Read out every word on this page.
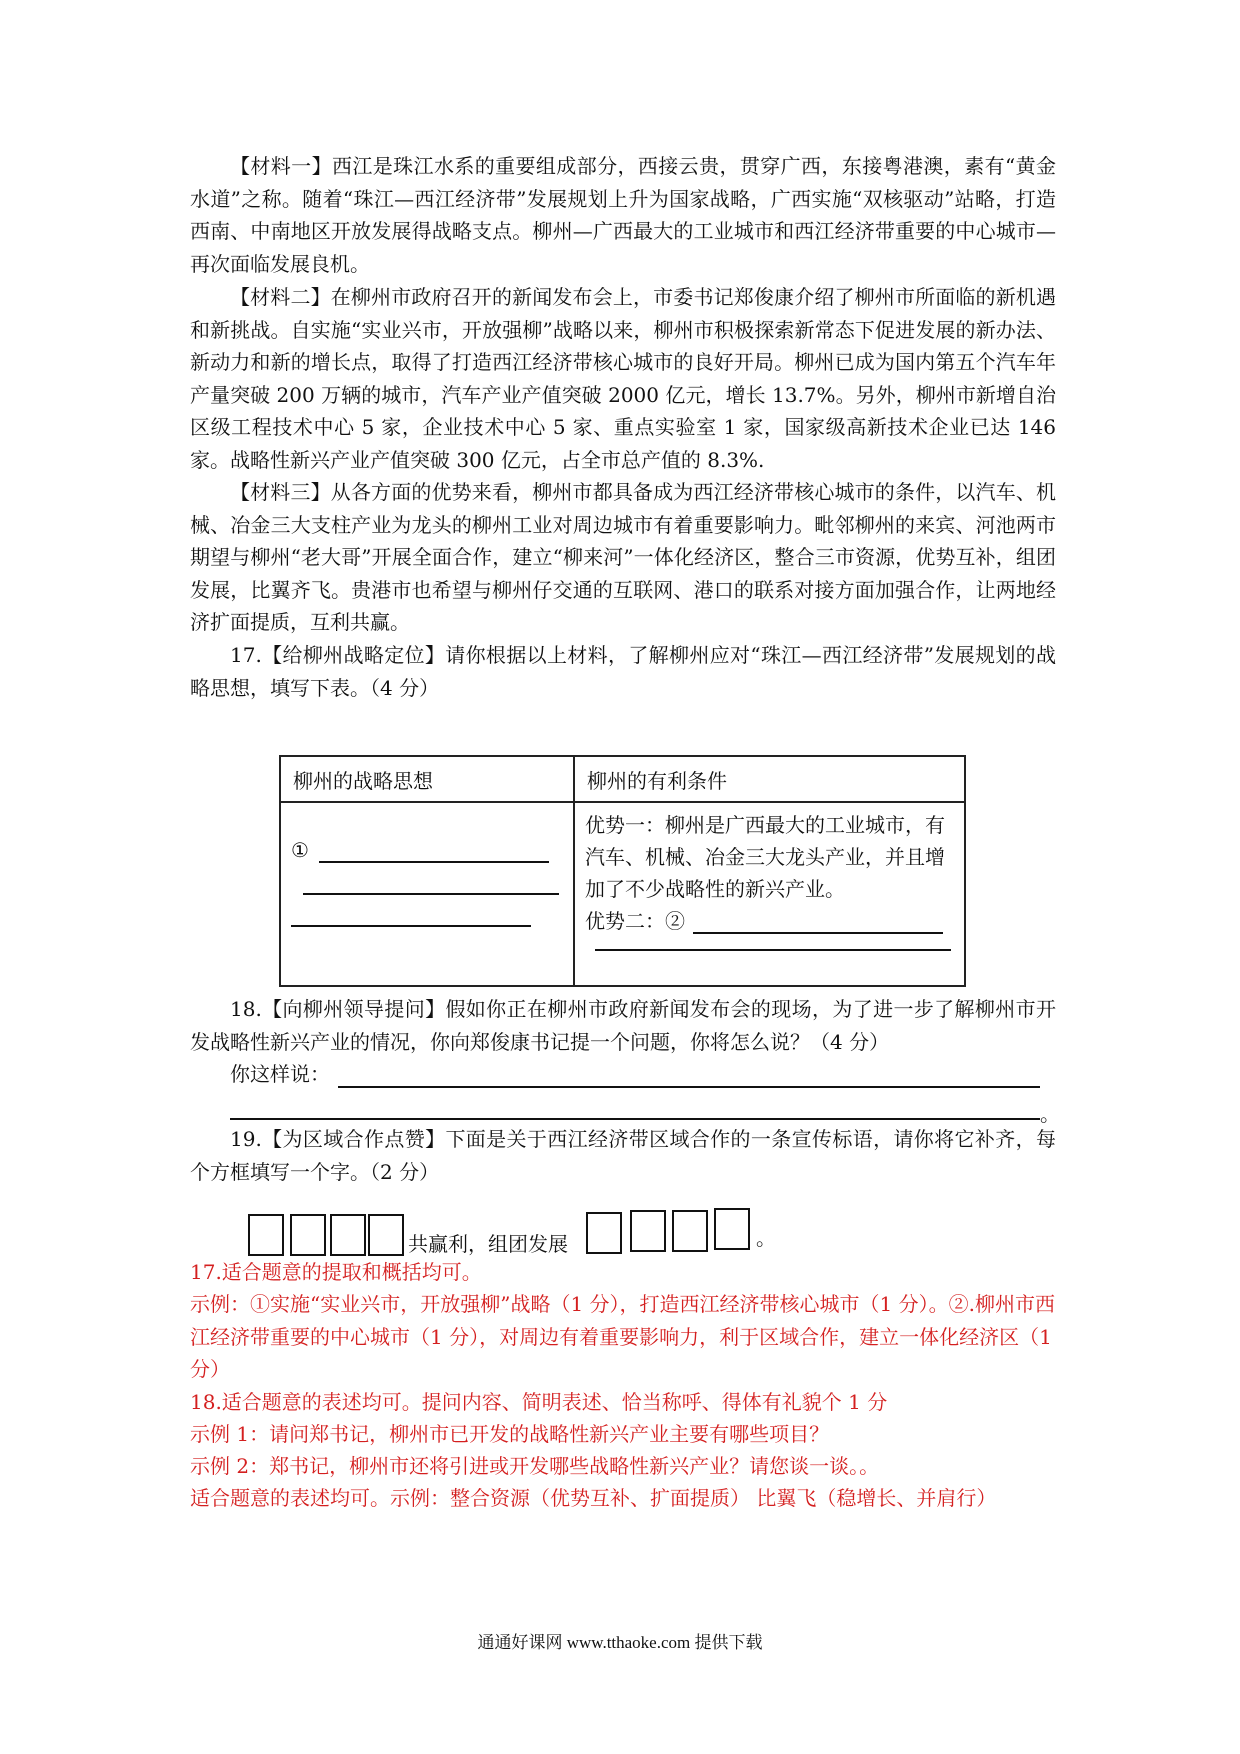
【材料一】西江是珠江水系的重要组成部分，西接云贵，贯穿广西，东接粤港澳，素有“黄金水道”之称。随着“珠江—西江经济带”发展规划上升为国家战略，广西实施“双核驱动”站略，打造西南、中南地区开放发展得战略支点。柳州—广西最大的工业城市和西江经济带重要的中心城市—再次面临发展良机。

【材料二】在柳州市政府召开的新闻发布会上，市委书记郑俊康介绍了柳州市所面临的新机遇和新挑战。自实施“实业兴市，开放强柳”战略以来，柳州市积极探索新常态下促进发展的新办法、新动力和新的增长点，取得了打造西江经济带核心城市的良好开局。柳州已成为国内第五个汽车年产量突破 200 万辆的城市，汽车产业产值突破 2000 亿元，增长 13.7%。另外，柳州市新增自治区级工程技术中心 5 家，企业技术中心 5 家、重点实验室 1 家，国家级高新技术企业已达 146 家。战略性新兴产业产值突破 300 亿元，占全市总产值的 8.3%.

【材料三】从各方面的优势来看，柳州市都具备成为西江经济带核心城市的条件，以汽车、机械、冶金三大支柱产业为龙头的柳州工业对周边城市有着重要影响力。毗邻柳州的来宾、河池两市期望与柳州“老大哥”开展全面合作，建立“柳来河”一体化经济区，整合三市资源，优势互补，组团发展，比翼齐飞。贵港市也希望与柳州仔交通的互联网、港口的联系对接方面加强合作，让两地经济扩面提质，互利共赢。

17.【给柳州战略定位】请你根据以上材料，了解柳州应对“珠江—西江经济带”发展规划的战略思想，填写下表。（4 分）

柳州的战略思想	柳州的有利条件

①	优势一：柳州是广西最大的工业城市，有汽车、机械、冶金三大龙头产业，并且增加了不少战略性的新兴产业。
优势二：②

18.【向柳州领导提问】假如你正在柳州市政府新闻发布会的现场，为了进一步了解柳州市开发战略性新兴产业的情况，你向郑俊康书记提一个问题，你将怎么说？（4 分）

你这样说：
。

19.【为区域合作点赞】下面是关于西江经济带区域合作的一条宣传标语，请你将它补齐，每个方框填写一个字。（2 分）

共赢利，组团发展	。

17.适合题意的提取和概括均可。

示例：①实施“实业兴市，开放强柳”战略（1 分），打造西江经济带核心城市（1 分）。②.柳州市西江经济带重要的中心城市（1 分），对周边有着重要影响力，利于区域合作，建立一体化经济区（1 分）

18.适合题意的表述均可。提问内容、简明表述、恰当称呼、得体有礼貌个 1 分

示例 1：请问郑书记，柳州市已开发的战略性新兴产业主要有哪些项目？

示例 2：郑书记，柳州市还将引进或开发哪些战略性新兴产业？请您谈一谈。。

适合题意的表述均可。示例：整合资源（优势互补、扩面提质） 比翼飞（稳增长、并肩行）

通通好课网 www.tthaoke.com 提供下载
